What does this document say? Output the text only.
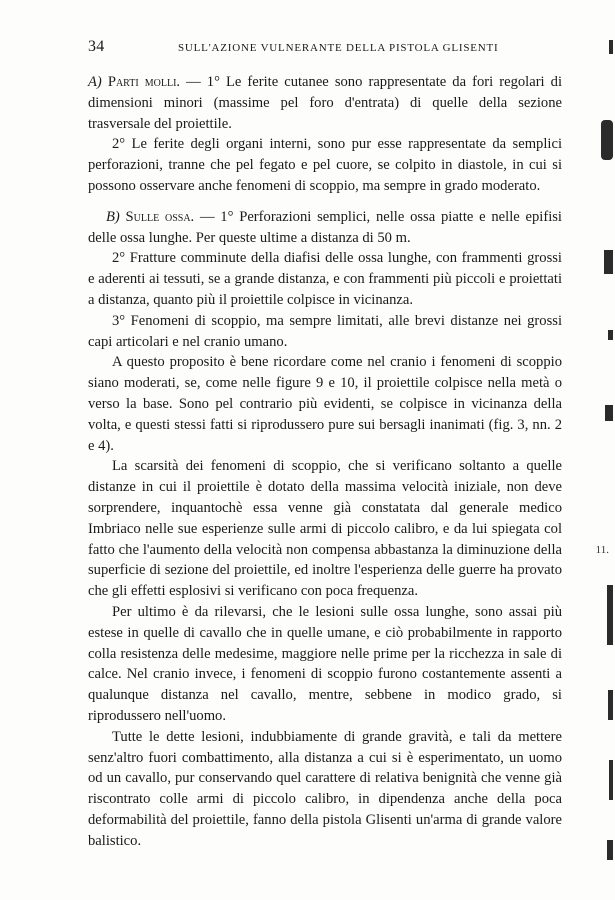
34	SULL'AZIONE VULNERANTE DELLA PISTOLA GLISENTI

A) Parti molli. — 1° Le ferite cutanee sono rappresentate da fori regolari di dimensioni minori (massime pel foro d'entrata) di quelle della sezione trasversale del proiettile.

2° Le ferite degli organi interni, sono pur esse rappresentate da semplici perforazioni, tranne che pel fegato e pel cuore, se colpito in diastole, in cui si possono osservare anche fenomeni di scoppio, ma sempre in grado moderato.

B) Sulle ossa. — 1° Perforazioni semplici, nelle ossa piatte e nelle epifisi delle ossa lunghe. Per queste ultime a distanza di 50 m.

2° Fratture comminute della diafisi delle ossa lunghe, con frammenti grossi e aderenti ai tessuti, se a grande distanza, e con frammenti più piccoli e proiettati a distanza, quanto più il proiettile colpisce in vicinanza.

3° Fenomeni di scoppio, ma sempre limitati, alle brevi distanze nei grossi capi articolari e nel cranio umano.

A questo proposito è bene ricordare come nel cranio i fenomeni di scoppio siano moderati, se, come nelle figure 9 e 10, il proiettile colpisce nella metà o verso la base. Sono pel contrario più evidenti, se colpisce in vicinanza della volta, e questi stessi fatti si riprodussero pure sui bersagli inanimati (fig. 3, nn. 2 e 4).

La scarsità dei fenomeni di scoppio, che si verificano soltanto a quelle distanze in cui il proiettile è dotato della massima velocità iniziale, non deve sorprendere, inquantochè essa venne già constatata dal generale medico Imbriaco nelle sue esperienze sulle armi di piccolo calibro, e da lui spiegata col fatto che l'aumento della velocità non compensa abbastanza la diminuzione della superficie di sezione del proiettile, ed inoltre l'esperienza delle guerre ha provato che gli effetti esplosivi si verificano con poca frequenza.

Per ultimo è da rilevarsi, che le lesioni sulle ossa lunghe, sono assai più estese in quelle di cavallo che in quelle umane, e ciò probabilmente in rapporto colla resistenza delle medesime, maggiore nelle prime per la ricchezza in sale di calce. Nel cranio invece, i fenomeni di scoppio furono costantemente assenti a qualunque distanza nel cavallo, mentre, sebbene in modico grado, si riprodussero nell'uomo.

Tutte le dette lesioni, indubbiamente di grande gravità, e tali da mettere senz'altro fuori combattimento, alla distanza a cui si è esperimentato, un uomo od un cavallo, pur conservando quel carattere di relativa benignità che venne già riscontrato colle armi di piccolo calibro, in dipendenza anche della poca deformabilità del proiettile, fanno della pistola Glisenti un'arma di grande valore balistico.

11.
